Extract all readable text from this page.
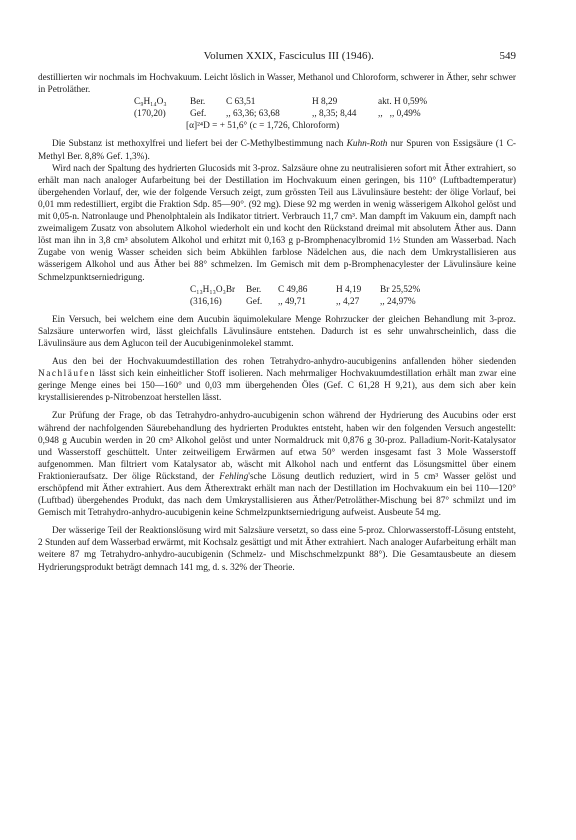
Volumen XXIX, Fasciculus III (1946).	549

destillierten wir nochmals im Hochvakuum. Leicht löslich in Wasser, Methanol und Chloroform, schwerer in Äther, sehr schwer in Petroläther.

C₉H₁₄O₃	Ber.	C 63,51	H 8,29	akt. H 0,59%
(170,20)	Gef.	,, 63,36; 63,68	,, 8,35; 8,44	,,   ,, 0,49%
[α]²⁴D = + 51,6° (c = 1,726, Chloroform)

Die Substanz ist methoxylfrei und liefert bei der C-Methylbestimmung nach Kuhn-Roth nur Spuren von Essigsäure (1 C-Methyl Ber. 8,8% Gef. 1,3%).

Wird nach der Spaltung des hydrierten Glucosids mit 3-proz. Salzsäure ohne zu neutralisieren sofort mit Äther extrahiert, so erhält man nach analoger Aufarbeitung bei der Destillation im Hochvakuum einen geringen, bis 110° (Luftbadtemperatur) übergehenden Vorlauf, der, wie der folgende Versuch zeigt, zum grössten Teil aus Lävulinsäure besteht: der ölige Vorlauf, bei 0,01 mm redestilliert, ergibt die Fraktion Sdp. 85—90°. (92 mg). Diese 92 mg werden in wenig wässerigem Alkohol gelöst und mit 0,05-n. Natronlauge und Phenolphtalein als Indikator titriert. Verbrauch 11,7 cm³. Man dampft im Vakuum ein, dampft nach zweimaligem Zusatz von absolutem Alkohol wiederholt ein und kocht den Rückstand dreimal mit absolutem Äther aus. Dann löst man ihn in 3,8 cm³ absolutem Alkohol und erhitzt mit 0,163 g p-Bromphenacylbromid 1½ Stunden am Wasserbad. Nach Zugabe von wenig Wasser scheiden sich beim Abkühlen farblose Nädelchen aus, die nach dem Umkrystallisieren aus wässerigem Alkohol und aus Äther bei 88° schmelzen. Im Gemisch mit dem p-Bromphenacylester der Lävulinsäure keine Schmelzpunktserniedrigung.

C₁₃H₁₃O₃Br	Ber.	C 49,86	H 4,19	Br 25,52%
(316,16)	Gef.	,, 49,71	,, 4,27	,, 24,97%

Ein Versuch, bei welchem eine dem Aucubin äquimolekulare Menge Rohrzucker der gleichen Behandlung mit 3-proz. Salzsäure unterworfen wird, lässt gleichfalls Lävulinsäure entstehen. Dadurch ist es sehr unwahrscheinlich, dass die Lävulinsäure aus dem Aglucon teil der Aucubigeninmolekel stammt.

Aus den bei der Hochvakuumdestillation des rohen Tetrahydro-anhydro-aucubigenins anfallenden höher siedenden Nachläufen lässt sich kein einheitlicher Stoff isolieren. Nach mehrmaliger Hochvakuumdestillation erhält man zwar eine geringe Menge eines bei 150—160° und 0,03 mm übergehenden Öles (Gef. C 61,28 H 9,21), aus dem sich aber kein krystallisierendes p-Nitrobenzoat herstellen lässt.

Zur Prüfung der Frage, ob das Tetrahydro-anhydro-aucubigenin schon während der Hydrierung des Aucubins oder erst während der nachfolgenden Säurebehandlung des hydrierten Produktes entsteht, haben wir den folgenden Versuch angestellt: 0,948 g Aucubin werden in 20 cm³ Alkohol gelöst und unter Normaldruck mit 0,876 g 30-proz. Palladium-Norit-Katalysator und Wasserstoff geschüttelt. Unter zeitweiligem Erwärmen auf etwa 50° werden insgesamt fast 3 Mole Wasserstoff aufgenommen. Man filtriert vom Katalysator ab, wäscht mit Alkohol nach und entfernt das Lösungsmittel über einem Fraktionieraufsatz. Der ölige Rückstand, der Fehling'sche Lösung deutlich reduziert, wird in 5 cm³ Wasser gelöst und erschöpfend mit Äther extrahiert. Aus dem Ätherextrakt erhält man nach der Destillation im Hochvakuum ein bei 110—120° (Luftbad) übergehendes Produkt, das nach dem Umkrystallisieren aus Äther/Petroläther-Mischung bei 87° schmilzt und im Gemisch mit Tetrahydro-anhydro-aucubigenin keine Schmelzpunktserniedrigung aufweist. Ausbeute 54 mg.

Der wässerige Teil der Reaktionslösung wird mit Salzsäure versetzt, so dass eine 5-proz. Chlorwasserstoff-Lösung entsteht, 2 Stunden auf dem Wasserbad erwärmt, mit Kochsalz gesättigt und mit Äther extrahiert. Nach analoger Aufarbeitung erhält man weitere 87 mg Tetrahydro-anhydro-aucubigenin (Schmelz- und Mischschmelzpunkt 88°). Die Gesamtausbeute an diesem Hydrierungsprodukt beträgt demnach 141 mg, d. s. 32% der Theorie.
